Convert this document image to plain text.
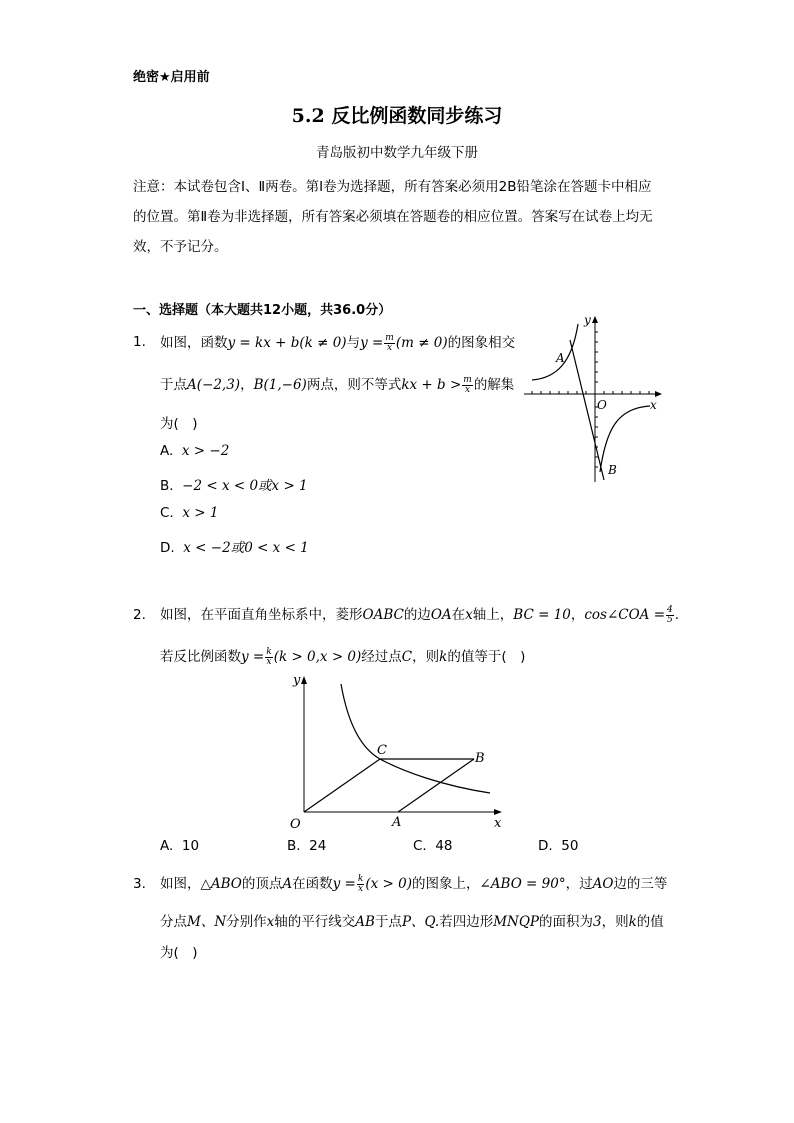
绝密★启用前
5.2 反比例函数同步练习
青岛版初中数学九年级下册
注意：本试卷包含Ⅰ、Ⅱ两卷。第Ⅰ卷为选择题，所有答案必须用2B铅笔涂在答题卡中相应的位置。第Ⅱ卷为非选择题，所有答案必须填在答题卷的相应位置。答案写在试卷上均无效，不予记分。
一、选择题（本大题共12小题，共36.0分）
1. 如图，函数y = kx + b(k ≠ 0)与$y = \frac{m}{x} (m \ne 0)$的图象相交
于点A(−2,3)，B(1,−6)两点，则不等式kx + $b > \frac{m}{x}$ 的解集
为(　)
A. x > −2
B. −2 < x < 0或x > 1
C. x > 1
D. x < −2或0 < x < 1
y
x
O
A
B
2. 如图，在平面直角坐标系中，菱形OABC的边OA在x轴上，BC = 10，cos∠COA = $\frac{4}{5}$ .
若反比例函数$y = \frac{k}{x} (k > 0,x > 0)$经过点C，则k的值等于(　)
y
x
O	A
B
C
A. 10	B. 24	C. 48	D. 50
3. 如图，△ABO的顶点A在函数$y = \frac{k}{x} (x > 0)$的图象上，∠ABO = 90°，过AO边的三等
分点M、N分别作x轴的平行线交AB于点P、Q.若四边形MNQP的面积为3，则k的值
为(　)
